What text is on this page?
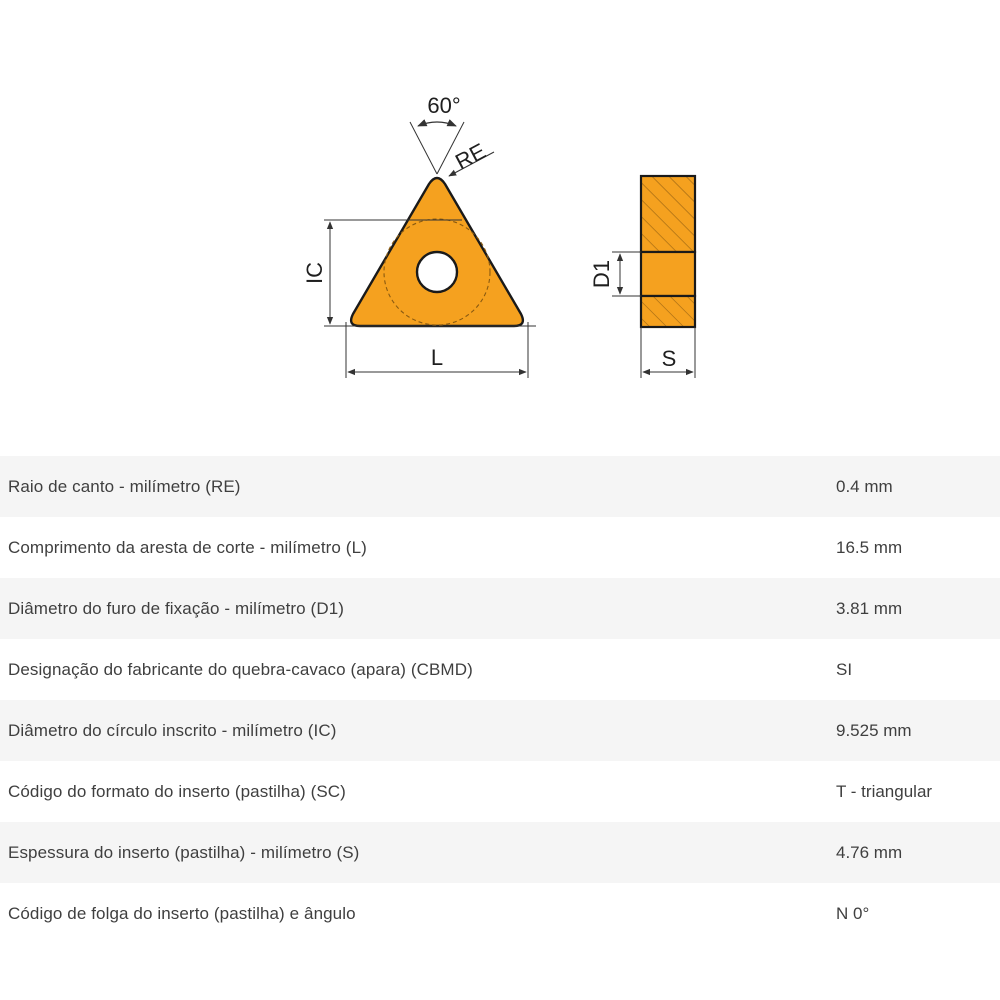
60°
RE
IC
L
D1
S
Raio de canto - milímetro (RE)	0.4 mm
Comprimento da aresta de corte - milímetro (L)	16.5 mm
Diâmetro do furo de fixação - milímetro (D1)	3.81 mm
Designação do fabricante do quebra-cavaco (apara) (CBMD)	SI
Diâmetro do círculo inscrito - milímetro (IC)	9.525 mm
Código do formato do inserto (pastilha) (SC)	T - triangular
Espessura do inserto (pastilha) - milímetro (S)	4.76 mm
Código de folga do inserto (pastilha) e ângulo	N 0°
